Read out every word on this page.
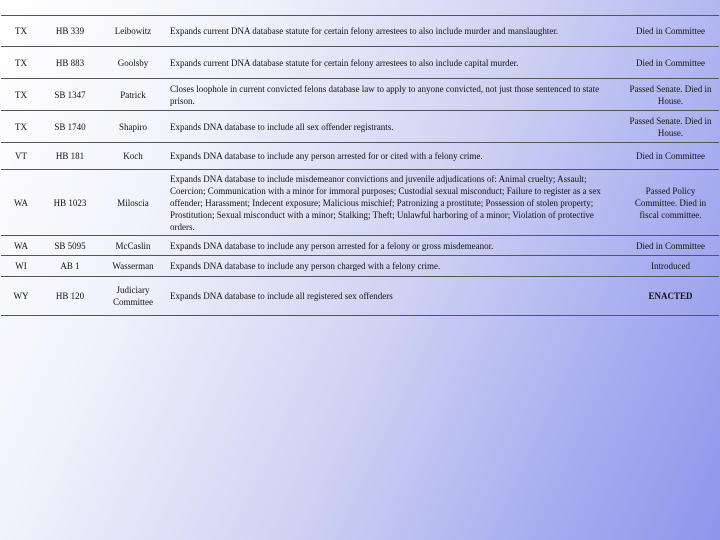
TX	HB 339	Leibowitz	Expands current DNA database statute for certain felony arrestees to also include murder and manslaughter.	Died in Committee
TX	HB 883	Goolsby	Expands current DNA database statute for certain felony arrestees to also include capital murder.	Died in Committee
TX	SB 1347	Patrick	Closes loophole in current convicted felons database law to apply to anyone convicted, not just those sentenced to state prison.	Passed Senate. Died in House.
TX	SB 1740	Shapiro	Expands DNA database to include all sex offender registrants.	Passed Senate. Died in House.
VT	HB 181	Koch	Expands DNA database to include any person arrested for or cited with a felony crime.	Died in Committee
WA	HB 1023	Miloscia	Expands DNA database to include misdemeanor convictions and juvenile adjudications of: Animal cruelty; Assault; Coercion; Communication with a minor for immoral purposes; Custodial sexual misconduct; Failure to register as a sex offender; Harassment; Indecent exposure; Malicious mischief; Patronizing a prostitute; Possession of stolen property; Prostitution; Sexual misconduct with a minor; Stalking; Theft; Unlawful harboring of a minor; Violation of protective orders.	Passed Policy Committee. Died in fiscal committee.
WA	SB 5095	McCaslin	Expands DNA database to include any person arrested for a felony or gross misdemeanor.	Died in Committee
WI	AB 1	Wasserman	Expands DNA database to include any person charged with a felony crime.	Introduced
WY	HB 120	Judiciary Committee	Expands DNA database to include all registered sex offenders	ENACTED
